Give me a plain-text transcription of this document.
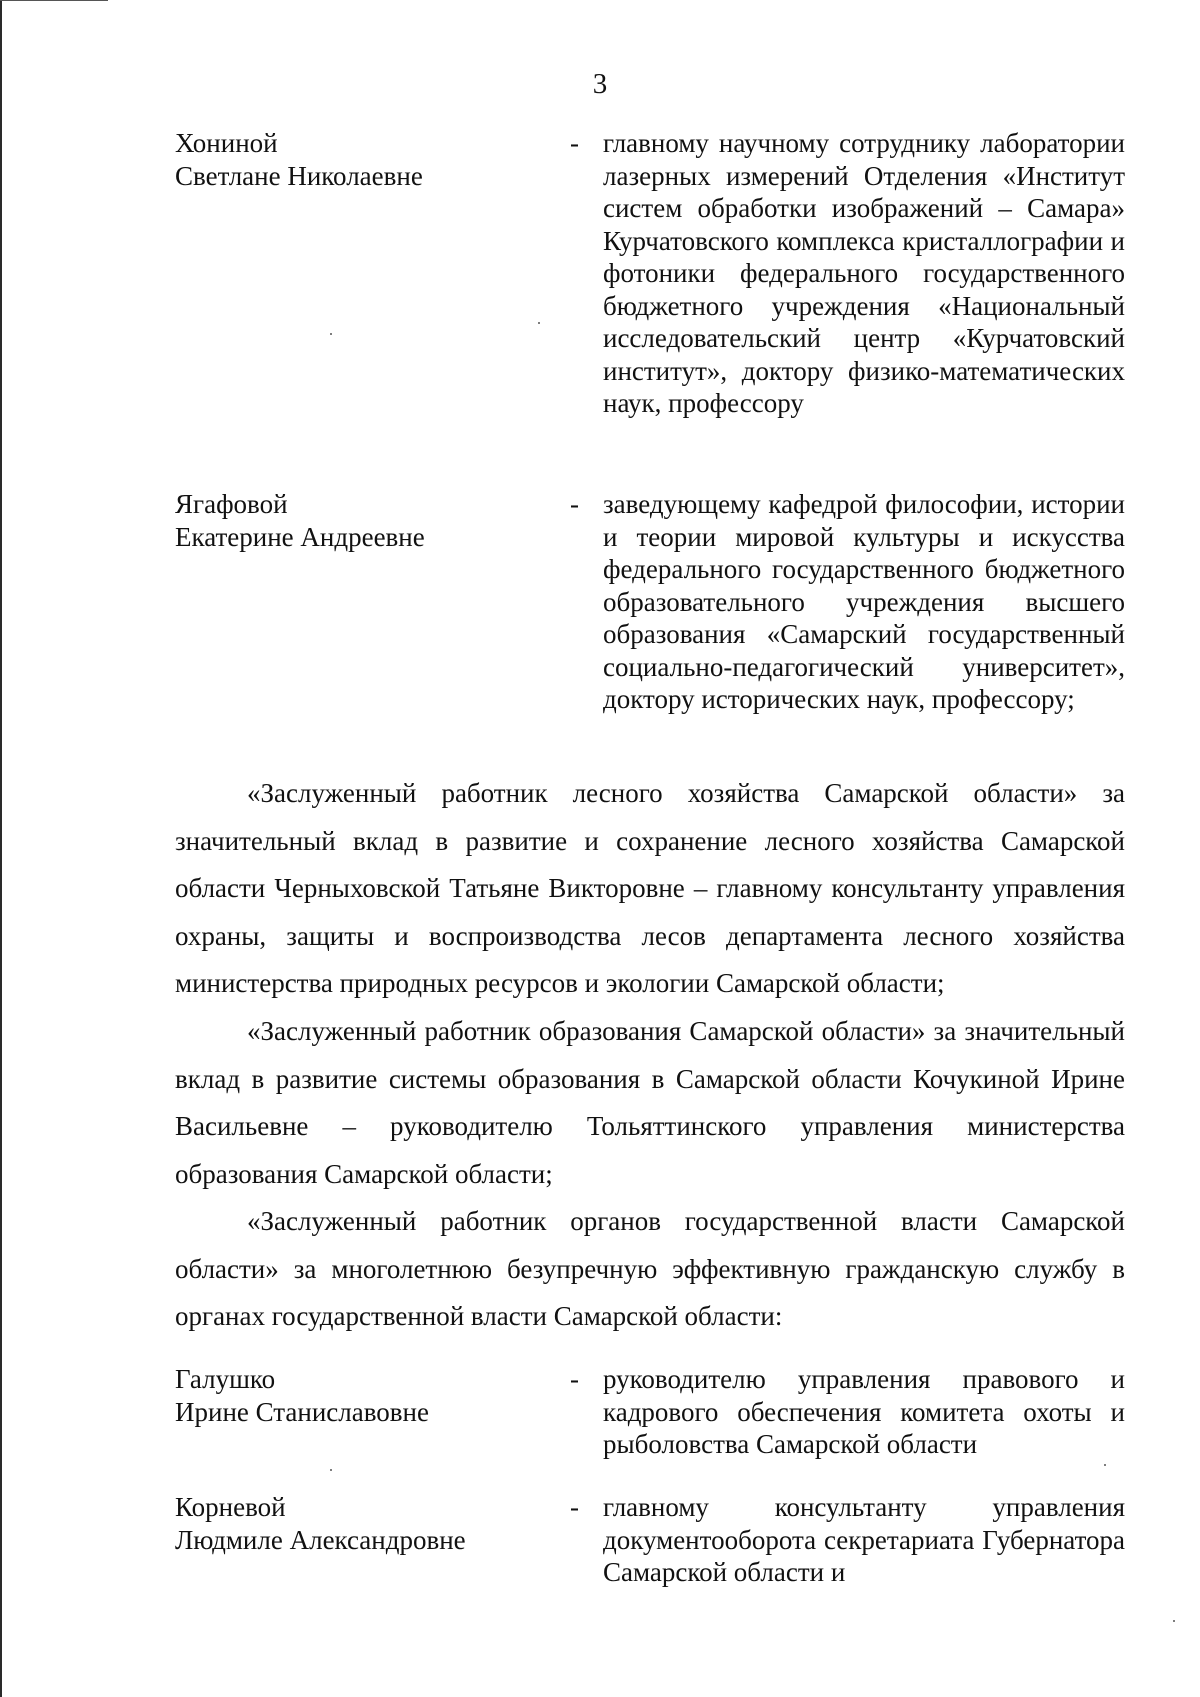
3
Хониной
Светлане Николаевне
- главному научному сотруднику лаборатории лазерных измерений Отделения «Институт систем обработки изображений – Самара» Курчатовского комплекса кристаллографии и фотоники федерального государственного бюджетного учреждения «Национальный исследовательский центр «Курчатовский институт», доктору физико-математических наук, профессору
Ягафовой
Екатерине Андреевне
- заведующему кафедрой философии, истории и теории мировой культуры и искусства федерального государственного бюджетного образовательного учреждения высшего образования «Самарский государственный социально-педагогический университет», доктору исторических наук, профессору;

«Заслуженный работник лесного хозяйства Самарской области» за значительный вклад в развитие и сохранение лесного хозяйства Самарской области Черныховской Татьяне Викторовне – главному консультанту управления охраны, защиты и воспроизводства лесов департамента лесного хозяйства министерства природных ресурсов и экологии Самарской области;

«Заслуженный работник образования Самарской области» за значительный вклад в развитие системы образования в Самарской области Кочукиной Ирине Васильевне – руководителю Тольяттинского управления министерства образования Самарской области;

«Заслуженный работник органов государственной власти Самарской области» за многолетнюю безупречную эффективную гражданскую службу в органах государственной власти Самарской области:

Галушко
Ирине Станиславовне
- руководителю управления правового и кадрового обеспечения комитета охоты и рыболовства Самарской области
Корневой
Людмиле Александровне
- главному консультанту управления документооборота секретариата Губернатора Самарской области и
